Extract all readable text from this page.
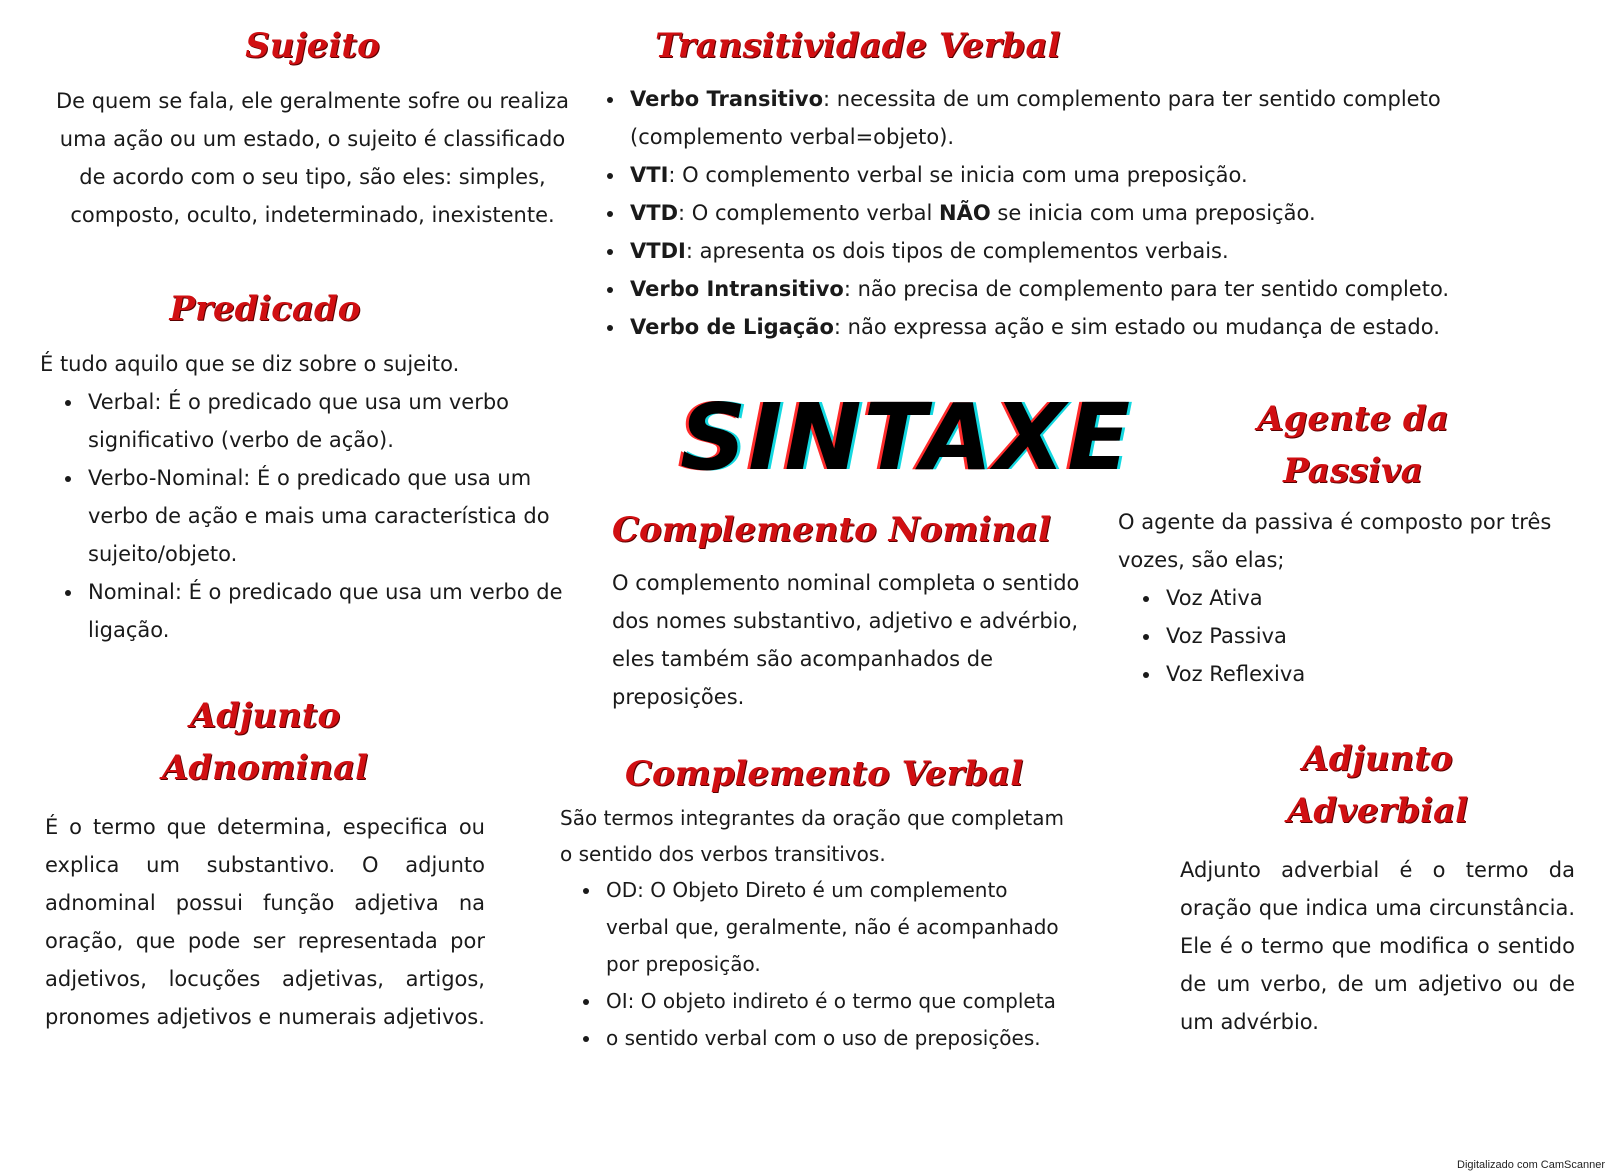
Sujeito

De quem se fala, ele geralmente sofre ou realiza uma ação ou um estado, o sujeito é classificado de acordo com o seu tipo, são eles: simples, composto, oculto, indeterminado, inexistente.

Predicado

É tudo aquilo que se diz sobre o sujeito.

• Verbal: É o predicado que usa um verbo significativo (verbo de ação).
• Verbo-Nominal: É o predicado que usa um verbo de ação e mais uma característica do sujeito/objeto.
• Nominal: É o predicado que usa um verbo de ligação.
Adjunto
Adnominal

É o termo que determina, especifica ou explica um substantivo. O adjunto adnominal possui função adjetiva na oração, que pode ser representada por adjetivos, locuções adjetivas, artigos, pronomes adjetivos e numerais adjetivos.

Transitividade Verbal
• Verbo Transitivo: necessita de um complemento para ter sentido completo (complemento verbal=objeto).
• VTI: O complemento verbal se inicia com uma preposição.
• VTD: O complemento verbal NÃO se inicia com uma preposição.
• VTDI: apresenta os dois tipos de complementos verbais.
• Verbo Intransitivo: não precisa de complemento para ter sentido completo.
• Verbo de Ligação: não expressa ação e sim estado ou mudança de estado.
SINTAXE
Complemento Nominal

O complemento nominal completa o sentido dos nomes substantivo, adjetivo e advérbio, eles também são acompanhados de preposições.

Complemento Verbal

São termos integrantes da oração que completam o sentido dos verbos transitivos.

• OD: O Objeto Direto é um complemento verbal que, geralmente, não é acompanhado por preposição.
• OI: O objeto indireto é o termo que completa
• o sentido verbal com o uso de preposições.
Agente da
Passiva

O agente da passiva é composto por três vozes, são elas;

• Voz Ativa
• Voz Passiva
• Voz Reflexiva
Adjunto
Adverbial

Adjunto adverbial é o termo da oração que indica uma circunstância. Ele é o termo que modifica o sentido de um verbo, de um adjetivo ou de um advérbio.

Digitalizado com CamScanner
